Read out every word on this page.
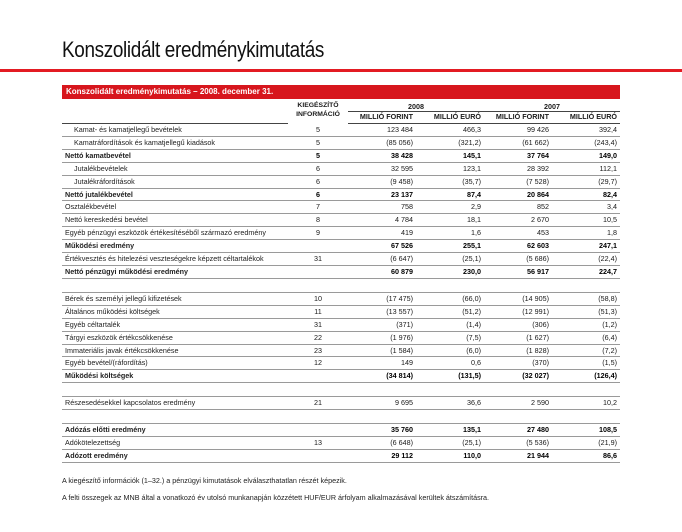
Konszolidált eredménykimutatás
Konszolidált eredménykimutatás – 2008. december 31.
	KIEGÉSZÍTŐ
INFORMÁCIÓ	2008		2007	
		MILLIÓ FORINT	MILLIÓ EURÓ	MILLIÓ FORINT	MILLIÓ EURÓ
Kamat- és kamatjellegű bevételek	5	123 484	466,3	99 426	392,4
Kamatráfordítások és kamatjellegű kiadások	5	(85 056)	(321,2)	(61 662)	(243,4)
Nettó kamatbevétel	5	38 428	145,1	37 764	149,0
Jutalékbevételek	6	32 595	123,1	28 392	112,1
Jutalékráfordítások	6	(9 458)	(35,7)	(7 528)	(29,7)
Nettó jutalékbevétel	6	23 137	87,4	20 864	82,4
Osztalékbevétel	7	758	2,9	852	3,4
Nettó kereskedési bevétel	8	4 784	18,1	2 670	10,5
Egyéb pénzügyi eszközök értékesítéséből származó eredmény	9	419	1,6	453	1,8
Működési eredmény		67 526	255,1	62 603	247,1
Értékvesztés és hitelezési veszteségekre képzett céltartalékok	31	(6 647)	(25,1)	(5 686)	(22,4)
Nettó pénzügyi működési eredmény		60 879	230,0	56 917	224,7

Bérek és személyi jellegű kifizetések	10	(17 475)	(66,0)	(14 905)	(58,8)
Általános működési költségek	11	(13 557)	(51,2)	(12 991)	(51,3)
Egyéb céltartalék	31	(371)	(1,4)	(306)	(1,2)
Tárgyi eszközök értékcsökkenése	22	(1 976)	(7,5)	(1 627)	(6,4)
Immateriális javak értékcsökkenése	23	(1 584)	(6,0)	(1 828)	(7,2)
Egyéb bevétel/(ráfordítás)	12	149	0,6	(370)	(1,5)
Működési költségek		(34 814)	(131,5)	(32 027)	(126,4)

Részesedésekkel kapcsolatos eredmény	21	9 695	36,6	2 590	10,2

Adózás előtti eredmény		35 760	135,1	27 480	108,5
Adókötelezettség	13	(6 648)	(25,1)	(5 536)	(21,9)
Adózott eredmény		29 112	110,0	21 944	86,6

A kiegészítő információk (1–32.) a pénzügyi kimutatások elválaszthatatlan részét képezik.

A felti összegek az MNB által a vonatkozó év utolsó munkanapján közzétett HUF/EUR árfolyam alkalmazásával kerültek átszámításra.
